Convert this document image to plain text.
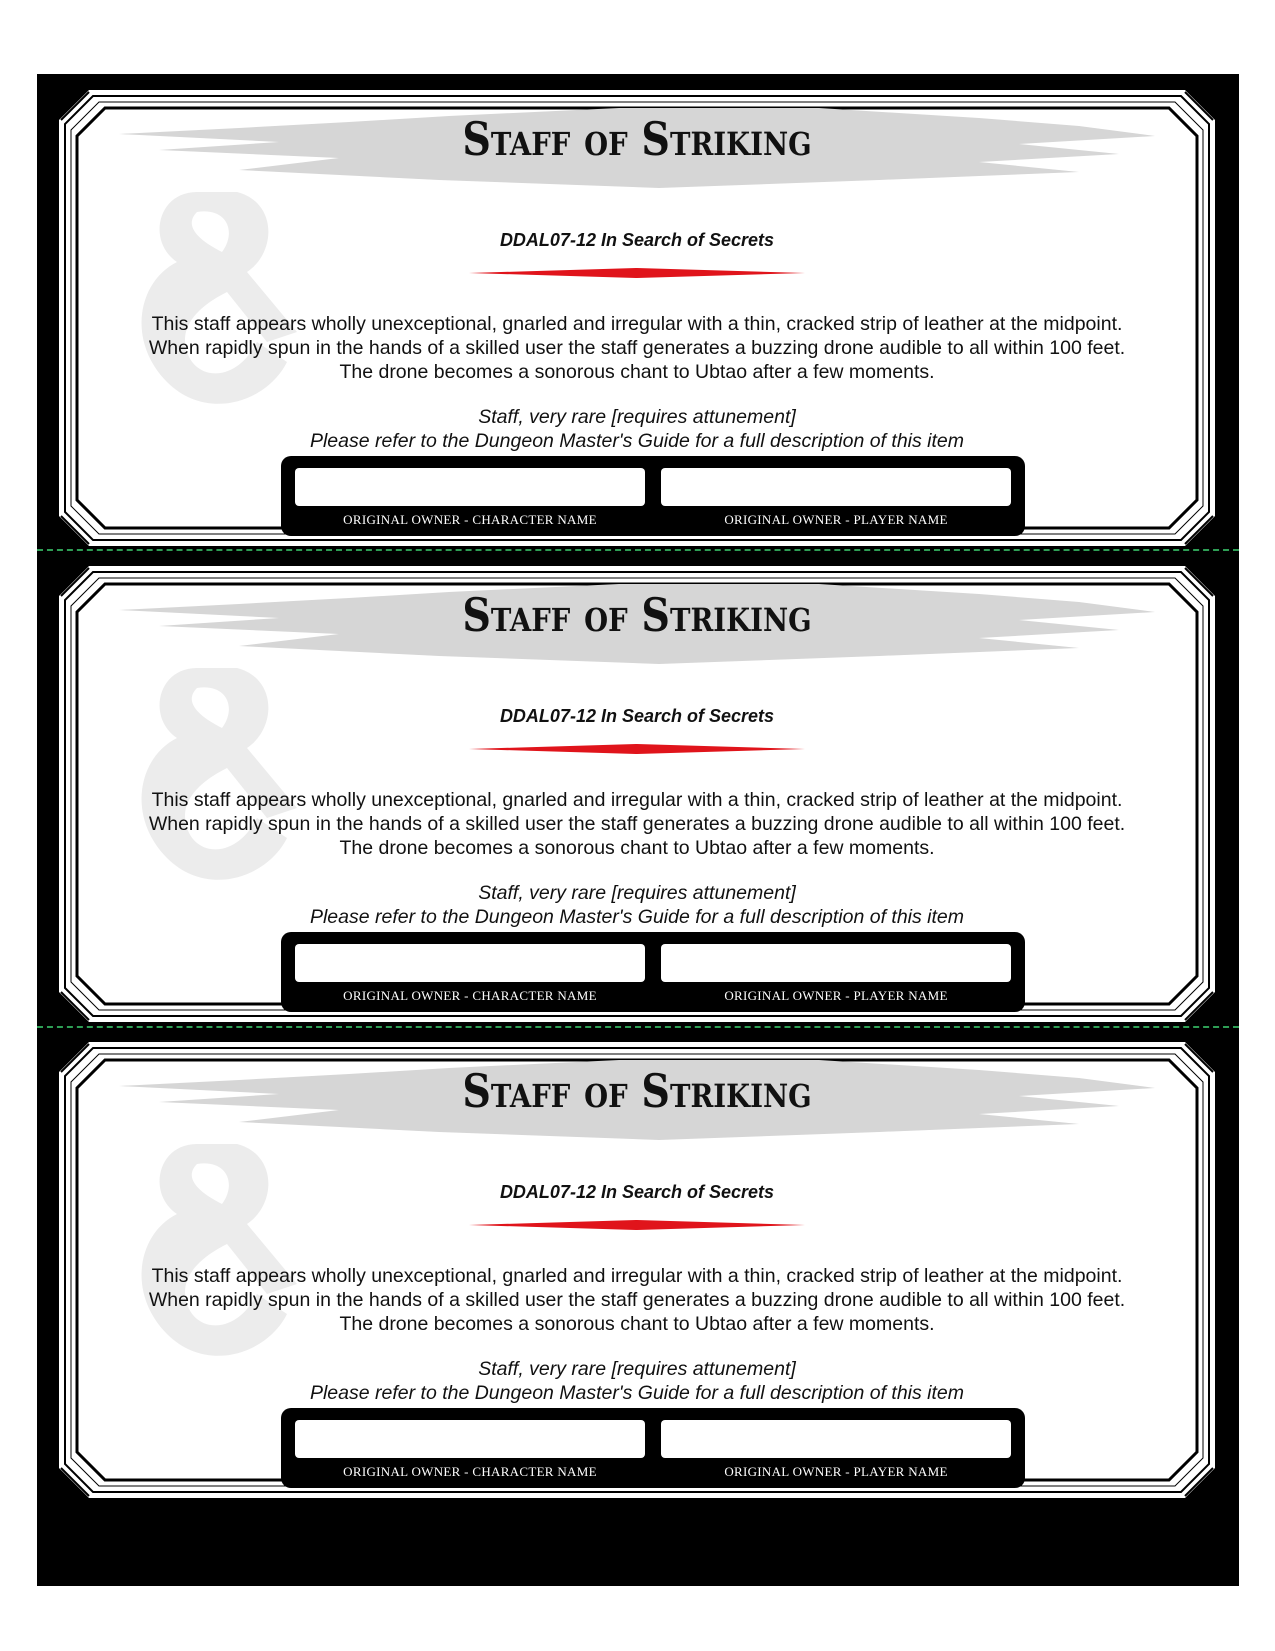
Staff of Striking
DDAL07-12 In Search of Secrets
This staff appears wholly unexceptional, gnarled and irregular with a thin, cracked strip of leather at the midpoint. When rapidly spun in the hands of a skilled user the staff generates a buzzing drone audible to all within 100 feet. The drone becomes a sonorous chant to Ubtao after a few moments.
Staff, very rare [requires attunement]
Please refer to the Dungeon Master's Guide for a full description of this item
ORIGINAL OWNER - CHARACTER NAME	ORIGINAL OWNER - PLAYER NAME
Staff of Striking
DDAL07-12 In Search of Secrets
This staff appears wholly unexceptional, gnarled and irregular with a thin, cracked strip of leather at the midpoint. When rapidly spun in the hands of a skilled user the staff generates a buzzing drone audible to all within 100 feet. The drone becomes a sonorous chant to Ubtao after a few moments.
Staff, very rare [requires attunement]
Please refer to the Dungeon Master's Guide for a full description of this item
ORIGINAL OWNER - CHARACTER NAME	ORIGINAL OWNER - PLAYER NAME
Staff of Striking
DDAL07-12 In Search of Secrets
This staff appears wholly unexceptional, gnarled and irregular with a thin, cracked strip of leather at the midpoint. When rapidly spun in the hands of a skilled user the staff generates a buzzing drone audible to all within 100 feet. The drone becomes a sonorous chant to Ubtao after a few moments.
Staff, very rare [requires attunement]
Please refer to the Dungeon Master's Guide for a full description of this item
ORIGINAL OWNER - CHARACTER NAME	ORIGINAL OWNER - PLAYER NAME
